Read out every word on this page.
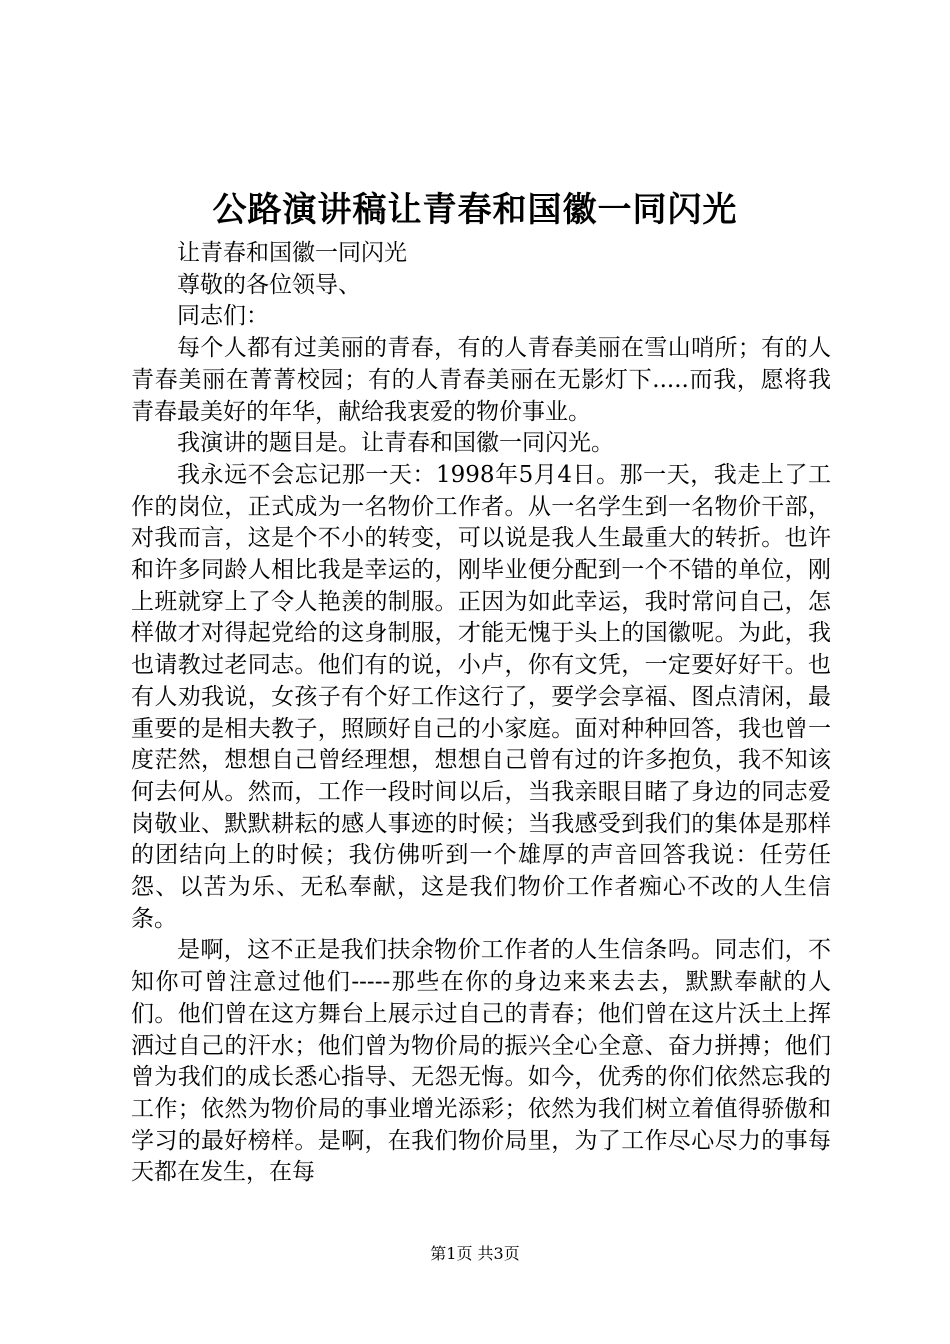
公路演讲稿让青春和国徽一同闪光

让青春和国徽一同闪光

尊敬的各位领导、

同志们：

每个人都有过美丽的青春，有的人青春美丽在雪山哨所；有的人青春美丽在菁菁校园；有的人青春美丽在无影灯下.....而我，愿将我青春最美好的年华，献给我衷爱的物价事业。

我演讲的题目是。让青春和国徽一同闪光。

我永远不会忘记那一天：1998年5月4日。那一天，我走上了工作的岗位，正式成为一名物价工作者。从一名学生到一名物价干部，对我而言，这是个不小的转变，可以说是我人生最重大的转折。也许和许多同龄人相比我是幸运的，刚毕业便分配到一个不错的单位，刚上班就穿上了令人艳羡的制服。正因为如此幸运，我时常问自己，怎样做才对得起党给的这身制服，才能无愧于头上的国徽呢。为此，我也请教过老同志。他们有的说，小卢，你有文凭，一定要好好干。也有人劝我说，女孩子有个好工作这行了，要学会享福、图点清闲，最重要的是相夫教子，照顾好自己的小家庭。面对种种回答，我也曾一度茫然，想想自己曾经理想，想想自己曾有过的许多抱负，我不知该何去何从。然而，工作一段时间以后，当我亲眼目睹了身边的同志爱岗敬业、默默耕耘的感人事迹的时候；当我感受到我们的集体是那样的团结向上的时候；我仿佛听到一个雄厚的声音回答我说：任劳任怨、以苦为乐、无私奉献，这是我们物价工作者痴心不改的人生信条。

是啊，这不正是我们扶余物价工作者的人生信条吗。同志们，不知你可曾注意过他们-----那些在你的身边来来去去，默默奉献的人们。他们曾在这方舞台上展示过自己的青春；他们曾在这片沃土上挥洒过自己的汗水；他们曾为物价局的振兴全心全意、奋力拼搏；他们曾为我们的成长悉心指导、无怨无悔。如今，优秀的你们依然忘我的工作；依然为物价局的事业增光添彩；依然为我们树立着值得骄傲和学习的最好榜样。是啊，在我们物价局里，为了工作尽心尽力的事每天都在发生，在每

第1页 共3页
